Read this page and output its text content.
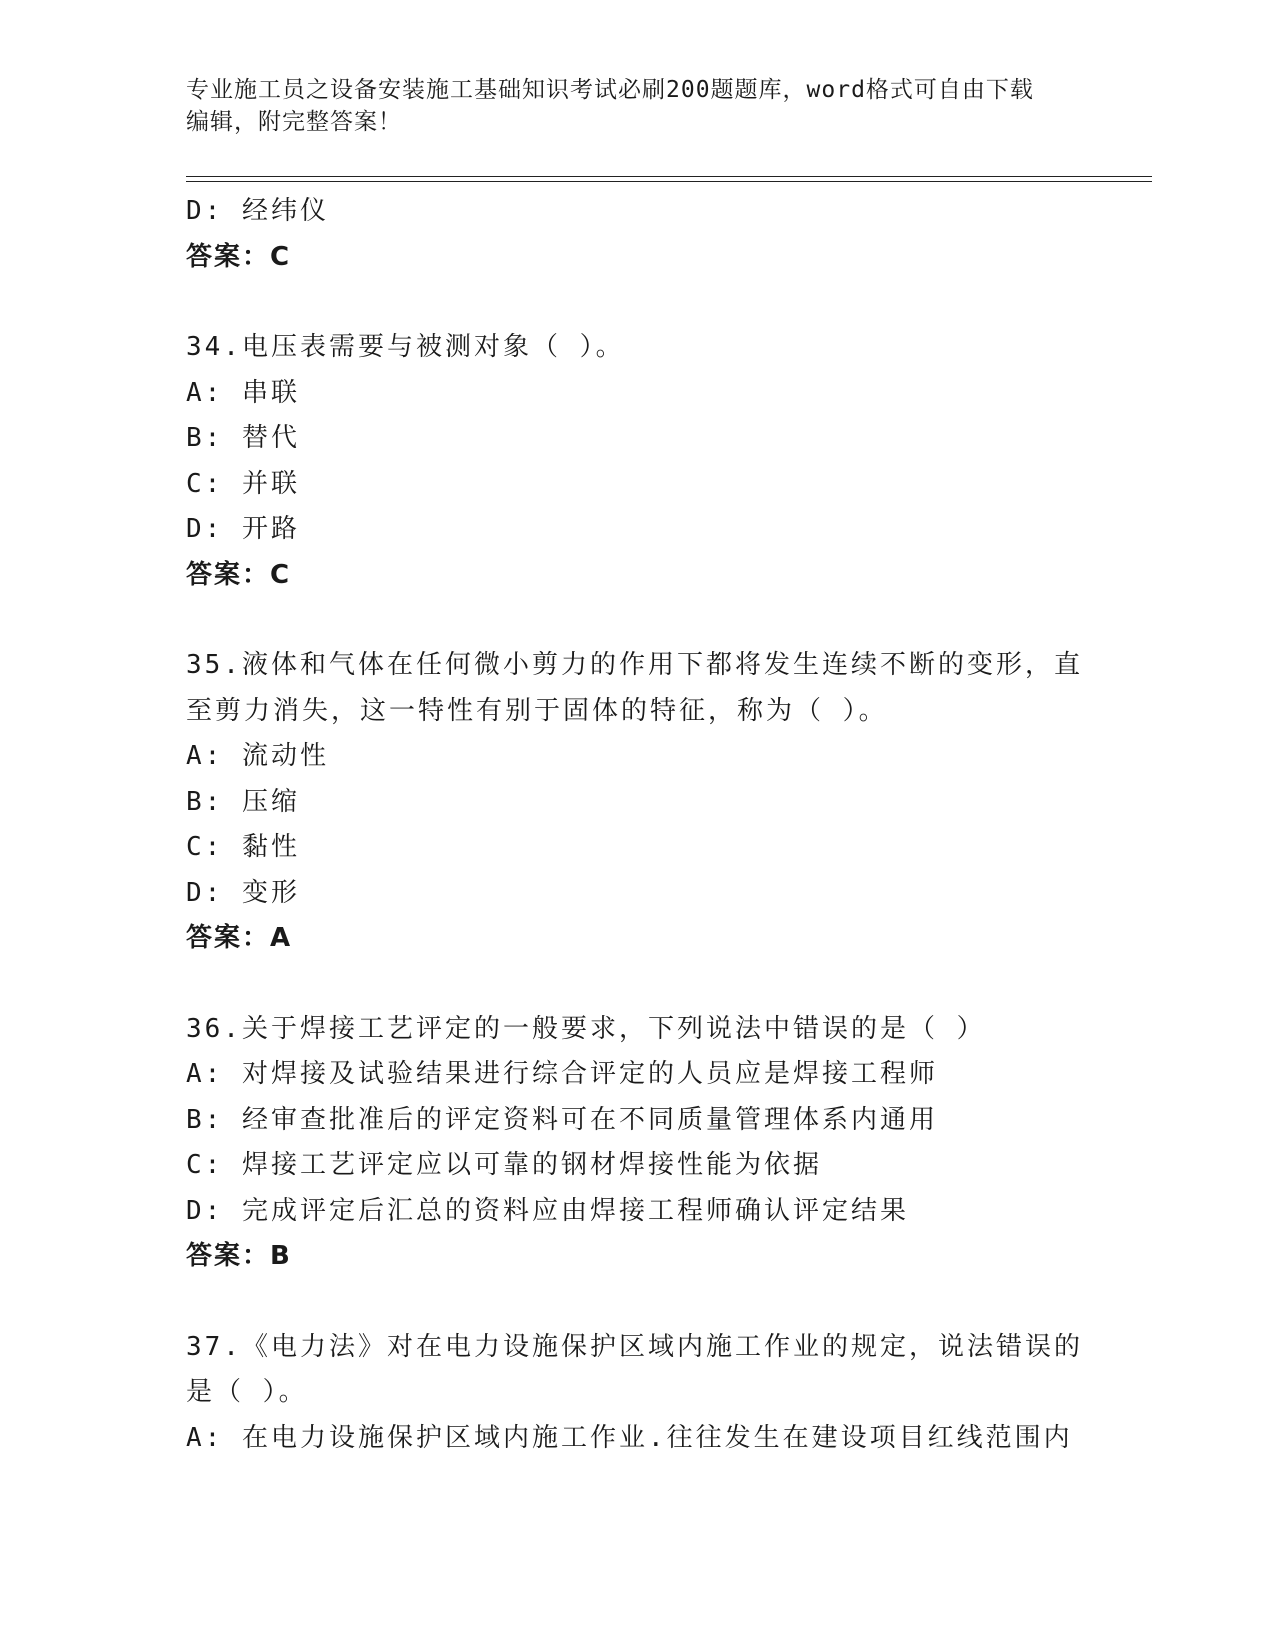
专业施工员之设备安装施工基础知识考试必刷200题题库，word格式可自由下载
编辑，附完整答案！
D: 经纬仪
答案：C
34.电压表需要与被测对象（ ）。
A: 串联
B: 替代
C: 并联
D: 开路
答案：C
35.液体和气体在任何微小剪力的作用下都将发生连续不断的变形，直
至剪力消失，这一特性有别于固体的特征，称为（ ）。
A: 流动性
B: 压缩
C: 黏性
D: 变形
答案：A
36.关于焊接工艺评定的一般要求，下列说法中错误的是（ ）
A: 对焊接及试验结果进行综合评定的人员应是焊接工程师
B: 经审查批准后的评定资料可在不同质量管理体系内通用
C: 焊接工艺评定应以可靠的钢材焊接性能为依据
D: 完成评定后汇总的资料应由焊接工程师确认评定结果
答案：B
37.《电力法》对在电力设施保护区域内施工作业的规定，说法错误的
是（ ）。
A: 在电力设施保护区域内施工作业.往往发生在建设项目红线范围内
